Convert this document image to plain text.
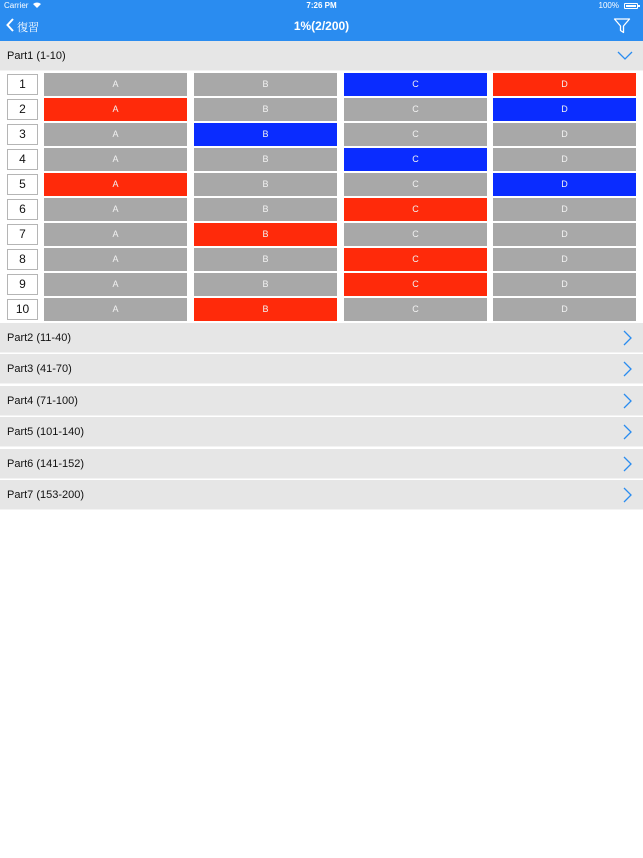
Carrier	7:26 PM	100%
復習	1%(2/200)
Part1 (1-10)
1	A	B	C	D
2	A	B	C	D
3	A	B	C	D
4	A	B	C	D
5	A	B	C	D
6	A	B	C	D
7	A	B	C	D
8	A	B	C	D
9	A	B	C	D
10	A	B	C	D
Part2 (11-40)
Part3 (41-70)
Part4 (71-100)
Part5 (101-140)
Part6 (141-152)
Part7 (153-200)
